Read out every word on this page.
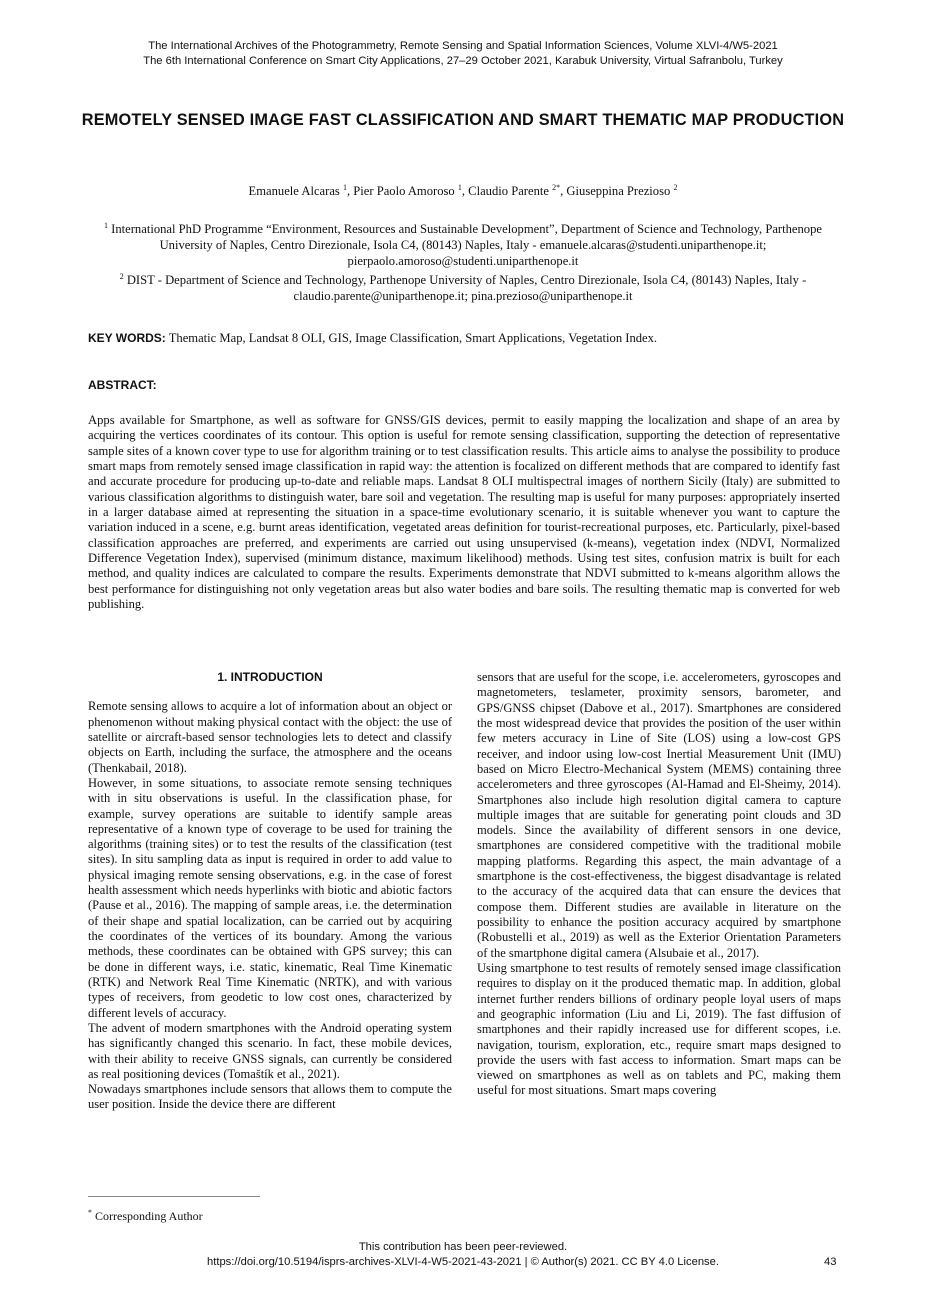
The International Archives of the Photogrammetry, Remote Sensing and Spatial Information Sciences, Volume XLVI-4/W5-2021
The 6th International Conference on Smart City Applications, 27–29 October 2021, Karabuk University, Virtual Safranbolu, Turkey
REMOTELY SENSED IMAGE FAST CLASSIFICATION AND SMART THEMATIC MAP PRODUCTION
Emanuele Alcaras $^1$, Pier Paolo Amoroso $^1$, Claudio Parente $^{2*}$, Giuseppina Prezioso $^2$
$^1$ International PhD Programme “Environment, Resources and Sustainable Development”, Department of Science and Technology, Parthenope University of Naples, Centro Direzionale, Isola C4, (80143) Naples, Italy - emanuele.alcaras@studenti.uniparthenope.it; pierpaolo.amoroso@studenti.uniparthenope.it
$^2$ DIST - Department of Science and Technology, Parthenope University of Naples, Centro Direzionale, Isola C4, (80143) Naples, Italy - claudio.parente@uniparthenope.it; pina.prezioso@uniparthenope.it
KEY WORDS: Thematic Map, Landsat 8 OLI, GIS, Image Classification, Smart Applications, Vegetation Index.
ABSTRACT:

Apps available for Smartphone, as well as software for GNSS/GIS devices, permit to easily mapping the localization and shape of an area by acquiring the vertices coordinates of its contour. This option is useful for remote sensing classification, supporting the detection of representative sample sites of a known cover type to use for algorithm training or to test classification results. This article aims to analyse the possibility to produce smart maps from remotely sensed image classification in rapid way: the attention is focalized on different methods that are compared to identify fast and accurate procedure for producing up-to-date and reliable maps. Landsat 8 OLI multispectral images of northern Sicily (Italy) are submitted to various classification algorithms to distinguish water, bare soil and vegetation. The resulting map is useful for many purposes: appropriately inserted in a larger database aimed at representing the situation in a space-time evolutionary scenario, it is suitable whenever you want to capture the variation induced in a scene, e.g. burnt areas identification, vegetated areas definition for tourist-recreational purposes, etc. Particularly, pixel-based classification approaches are preferred, and experiments are carried out using unsupervised (k-means), vegetation index (NDVI, Normalized Difference Vegetation Index), supervised (minimum distance, maximum likelihood) methods. Using test sites, confusion matrix is built for each method, and quality indices are calculated to compare the results. Experiments demonstrate that NDVI submitted to k-means algorithm allows the best performance for distinguishing not only vegetation areas but also water bodies and bare soils. The resulting thematic map is converted for web publishing.

1. INTRODUCTION

Remote sensing allows to acquire a lot of information about an object or phenomenon without making physical contact with the object: the use of satellite or aircraft-based sensor technologies lets to detect and classify objects on Earth, including the surface, the atmosphere and the oceans (Thenkabail, 2018).

However, in some situations, to associate remote sensing techniques with in situ observations is useful. In the classification phase, for example, survey operations are suitable to identify sample areas representative of a known type of coverage to be used for training the algorithms (training sites) or to test the results of the classification (test sites). In situ sampling data as input is required in order to add value to physical imaging remote sensing observations, e.g. in the case of forest health assessment which needs hyperlinks with biotic and abiotic factors (Pause et al., 2016). The mapping of sample areas, i.e. the determination of their shape and spatial localization, can be carried out by acquiring the coordinates of the vertices of its boundary. Among the various methods, these coordinates can be obtained with GPS survey; this can be done in different ways, i.e. static, kinematic, Real Time Kinematic (RTK) and Network Real Time Kinematic (NRTK), and with various types of receivers, from geodetic to low cost ones, characterized by different levels of accuracy.

The advent of modern smartphones with the Android operating system has significantly changed this scenario. In fact, these mobile devices, with their ability to receive GNSS signals, can currently be considered as real positioning devices (Tomaštík et al., 2021).

Nowadays smartphones include sensors that allows them to compute the user position. Inside the device there are different

sensors that are useful for the scope, i.e. accelerometers, gyroscopes and magnetometers, teslameter, proximity sensors, barometer, and GPS/GNSS chipset (Dabove et al., 2017). Smartphones are considered the most widespread device that provides the position of the user within few meters accuracy in Line of Site (LOS) using a low-cost GPS receiver, and indoor using low-cost Inertial Measurement Unit (IMU) based on Micro Electro-Mechanical System (MEMS) containing three accelerometers and three gyroscopes (Al-Hamad and El-Sheimy, 2014). Smartphones also include high resolution digital camera to capture multiple images that are suitable for generating point clouds and 3D models. Since the availability of different sensors in one device, smartphones are considered competitive with the traditional mobile mapping platforms. Regarding this aspect, the main advantage of a smartphone is the cost-effectiveness, the biggest disadvantage is related to the accuracy of the acquired data that can ensure the devices that compose them. Different studies are available in literature on the possibility to enhance the position accuracy acquired by smartphone (Robustelli et al., 2019) as well as the Exterior Orientation Parameters of the smartphone digital camera (Alsubaie et al., 2017).

Using smartphone to test results of remotely sensed image classification requires to display on it the produced thematic map. In addition, global internet further renders billions of ordinary people loyal users of maps and geographic information (Liu and Li, 2019). The fast diffusion of smartphones and their rapidly increased use for different scopes, i.e. navigation, tourism, exploration, etc., require smart maps designed to provide the users with fast access to information. Smart maps can be viewed on smartphones as well as on tablets and PC, making them useful for most situations. Smart maps covering

* Corresponding Author
This contribution has been peer-reviewed.
https://doi.org/10.5194/isprs-archives-XLVI-4-W5-2021-43-2021 | © Author(s) 2021. CC BY 4.0 License.	43
